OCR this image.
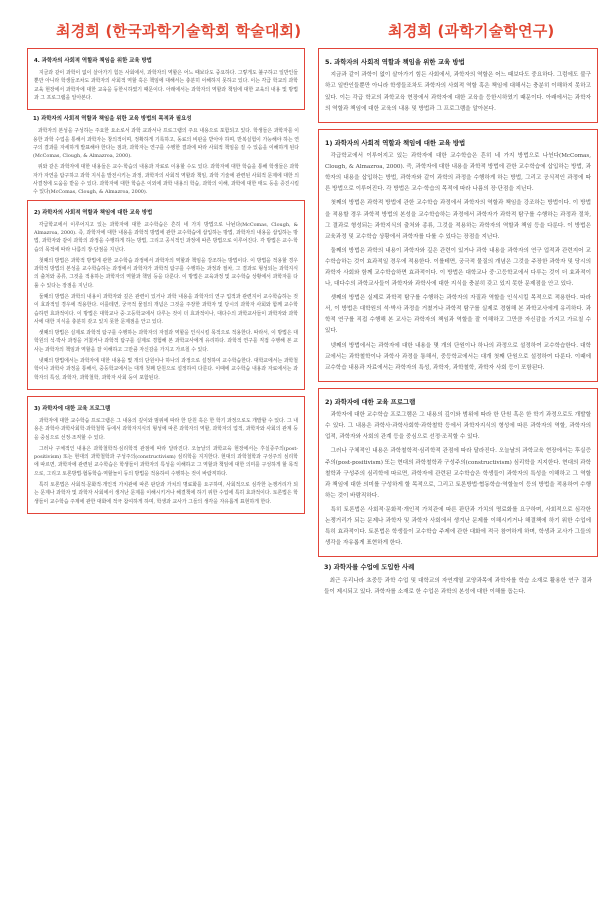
최경희 (한국과학기술학회 학술대회)	최경희 (과학기술학연구)
4. 과학자의 사회적 역할과 책임을 위한 교육 방법

지금과 같이 과학이 없이 살아가기 힘든 사회에서, 과학자의 역할은 어느 때보다도 중요하다. 그렇게도 불구하고 일반인들뿐만 아니라 학생들조차도 과학자의 사회적 역할 혹은 책임에 대해서는 충분히 이해하지 못하고 있다. 이는 각급 학교의 과학교육 현장에서 과학자에 대한 교육을 등한시하였기 때문이다. 아래에서는 과학자의 역할과 책임에 대한 교육의 내용 및 방법과 그 프로그램을 알아본다.

1) 과학자의 사회적 역할과 책임을 위한 교육 방법의 목적과 필요성

과학자의 본성을 구성하는 주요한 요소로서 과학 교과서나 프로그램의 주요 내용으로 포함되고 있다. 학생들은 과학자를 이용한 과학 수업을 통해서 과학자는 창의적이며, 정확하게 기록하고, 동료의 비판을 받아야 하며, 반복실험이 가능해야 하는 연구의 결과를 자세하게 발표해야 한다는 점과, 과학자는 연구를 수행한 결과에 따라 사회적 책임을 질 수 있음을 이해하게 된다(McComas, Clough, & Almazroa, 2000).

위와 같은 과학자에 대한 내용들은 교수·학습의 내용과 자료로 이용할 수도 있다. 과학자에 대한 학습을 통해 학생들은 과학자가 자연을 탐구하고 과학 지식을 발전시키는 과정, 과학자의 사회적 역할과 책임, 과학 기술에 관련된 사회적 문제에 대한 의사결정에 도움을 받을 수 있다. 과학자에 대한 학습은 이외에 과학 내용의 학습, 과학의 이해, 과학에 대한 태도 등을 증진시킬 수 있다(McComas, Clough, & Almazroa, 2000).

2) 과학자의 사회적 역할과 책임에 대한 교육 방법

각급학교에서 이루어지고 있는 과학자에 대한 교수학습은 흔히 네 가지 방법으로 나뉜다(McComas, Clough, & Almazroa, 2000). 즉, 과학자에 대한 내용을 과학적 방법에 관한 교수학습에 삽입하는 방법, 과학자의 내용을 삽입하는 방법, 과학자와 같이 과학의 과정을 수행하게 하는 방법, 그리고 공식적인 과정에 따른 방법으로 이루어진다. 각 방법은 교수·학습의 목적에 따라 나름의 장·단점을 지닌다.

첫째의 방법은 과학적 방법에 관한 교수학습 과정에서 과학자의 역할과 책임을 강조하는 방법이다. 이 방법을 적용할 경우 과학적 방법의 본성을 교수학습하는 과정에서 과학자가 과학적 탐구를 수행하는 과정과 절차, 그 결과로 형성되는 과학지식의 출처와 종류, 그것을 적용하는 과학자의 역할과 책임 등을 다룬다. 이 방법은 교육과정 및 교수학습 상황에서 과학자를 다룰 수 있다는 장점을 지닌다.

둘째의 방법은 과학의 내용이 과학자와 깊은 관련이 있거나 과학 내용을 과학자의 연구 업적과 관련지어 교수학습하는 것이 효과적일 경우에 적용한다. 이를테면, 궁극적 물질의 개념은 그것을 주장한 과학자 및 당시의 과학자 사회와 함께 교수학습하면 효과적이다. 이 방법은 대학교나 중·고등학교에서 다루는 것이 더 효과적이나, 대다수의 과학교사들이 과학자와 과학사에 대한 지식을 충분히 갖고 있지 못한 문제점을 안고 있다.

셋째의 방법은 실제로 과학적 탐구를 수행하는 과학자의 자질과 역할을 인식시킬 목적으로 적용한다. 따라서, 이 방법은 대학원의 석·박사 과정을 거쳤거나 과학적 탐구를 실제로 경험해 본 과학교사에게 유리하다. 과학적 연구를 직접 수행해 본 교사는 과학자의 책임과 역할을 잘 이해하고 그만큼 자신감을 가지고 가르칠 수 있다.

넷째의 방법에서는 과학자에 대한 내용을 몇 개의 단원이나 하나의 과정으로 설정하여 교수학습한다. 대학교에서는 과학철학이나 과학사 과정을 통해서, 중등학교에서는 대개 첫째 단원으로 설정하여 다룬다. 이때에 교수학습 내용과 자료에서는 과학자의 특성, 과학자, 과학철학, 과학자 사회 등이 포함된다.

3) 과학자에 대한 교육 프로그램

과학자에 대한 교수학습 프로그램은 그 내용의 깊이와 범위에 따라 한 단원 혹은 한 학기 과정으로도 개발할 수 있다. 그 내용은 과학사·과학사회학·과학철학 등에서 과학자지식의 형성에 따른 과학자의 역할, 과학자의 업적, 과학자와 사회의 관계 등을 중심으로 선정·조직할 수 있다.

그러나 구체적인 내용은 과학철학적·심리학적 관점에 따라 달라진다. 오늘날의 과학교육 현장에서는 후실증주의(post-positivism) 또는 현대의 과학철학과 구성주의(constructivism) 심리학을 지지한다. 현대의 과학철학과 구성주의 심리학에 따르면, 과학자에 관련된 교수학습은 학생들이 과학자의 특성을 이해하고 그 역할과 책임에 대한 의미를 구성하게 할 목적으로, 그리고 토론방법·협동학습·역할놀이 등의 방법을 적용하여 수행하는 것이 바람직하다.

특히 토론법은 사회적·문화적·개인적 가치관에 따른 판단과 가치의 명료화를 요구하며, 사회적으로 심각한 논쟁거리가 되는 문제나 과학자 및 과학자 사회에서 생겨난 문제를 이해시키거나 해결책에 하기 위한 수업에 특히 효과적이다. 토론법은 학생들이 교수학습 주제에 관한 대화에 적극 참여하게 하며, 학생과 교사가 그들의 생각을 자유롭게 표현하게 한다.

5. 과학자의 사회적 역할과 책임을 위한 교육 방법

지금과 같이 과학이 없이 살아가기 힘든 사회에서, 과학자의 역할은 어느 때보다도 중요하다. 그럼에도 불구하고 일반인들뿐만 아니라 학생들조차도 과학자의 사회적 역할 혹은 책임에 대해서는 충분히 이해하지 못하고 있다. 이는 각급 학교의 과학교육 현장에서 과학자에 대한 교육을 등한시하였기 때문이다. 아래에서는 과학자의 역할과 책임에 대한 교육의 내용 및 방법과 그 프로그램을 알아본다.

1) 과학자의 사회적 역할과 책임에 대한 교육 방법

각급학교에서 이루어지고 있는 과학자에 대한 교수학습은 흔히 네 가지 방법으로 나뉜다(McComas, Clough, & Almazroa, 2000). 즉, 과학자에 대한 내용을 과학적 방법에 관한 교수학습에 삽입하는 방법, 과학자의 내용을 삽입하는 방법, 과학자와 같이 과학의 과정을 수행하게 하는 방법, 그리고 공식적인 과정에 따른 방법으로 이루어진다. 각 방법은 교수·학습의 목적에 따라 나름의 장·단점을 지닌다.

첫째의 방법은 과학적 방법에 관한 교수학습 과정에서 과학자의 역할과 책임을 강조하는 방법이다. 이 방법을 적용할 경우 과학적 방법의 본성을 교수학습하는 과정에서 과학자가 과학적 탐구를 수행하는 과정과 절차, 그 결과로 형성되는 과학지식의 출처와 종류, 그것을 적용하는 과학자의 역할과 책임 등을 다룬다. 이 방법은 교육과정 및 교수학습 상황에서 과학자를 다룰 수 있다는 장점을 지닌다.

둘째의 방법은 과학의 내용이 과학자와 깊은 관련이 있거나 과학 내용을 과학자의 연구 업적과 관련지어 교수학습하는 것이 효과적일 경우에 적용한다. 이를테면, 궁극적 물질의 개념은 그것을 주장한 과학자 및 당시의 과학자 사회와 함께 교수학습하면 효과적이다. 이 방법은 대학교나 중·고등학교에서 다루는 것이 더 효과적이나, 대다수의 과학교사들이 과학자와 과학사에 대한 지식을 충분히 갖고 있지 못한 문제점을 안고 있다.

셋째의 방법은 실제로 과학적 탐구를 수행하는 과학자의 자질과 역할을 인식시킬 목적으로 적용한다. 따라서, 이 방법은 대학원의 석·박사 과정을 거쳤거나 과학적 탐구를 실제로 경험해 본 과학교사에게 유리하다. 과학적 연구를 직접 수행해 본 교사는 과학자의 책임과 역할을 잘 이해하고 그만큼 자신감을 가지고 가르칠 수 있다.

넷째의 방법에서는 과학자에 대한 내용을 몇 개의 단원이나 하나의 과정으로 설정하여 교수학습한다. 대학교에서는 과학철학이나 과학사 과정을 통해서, 중등학교에서는 대개 첫째 단원으로 설정하여 다룬다. 이때에 교수학습 내용과 자료에서는 과학자의 특성, 과학자, 과학철학, 과학자 사회 등이 포함된다.

2) 과학자에 대한 교육 프로그램

과학자에 대한 교수학습 프로그램은 그 내용의 깊이와 범위에 따라 한 단원 혹은 한 학기 과정으로도 개발할 수 있다. 그 내용은 과학사·과학사회학·과학철학 등에서 과학자지식의 형성에 따른 과학자의 역할, 과학자의 업적, 과학자와 사회의 관계 등을 중심으로 선정·조직할 수 있다.

그러나 구체적인 내용은 과학철학적·심리학적 관점에 따라 달라진다. 오늘날의 과학교육 현장에서는 후실증주의(post-positivism) 또는 현대의 과학철학과 구성주의(constructivism) 심리학을 지지한다. 현대의 과학철학과 구성주의 심리학에 따르면, 과학자에 관련된 교수학습은 학생들이 과학자의 특성을 이해하고 그 역할과 책임에 대한 의미를 구성하게 할 목적으로, 그리고 토론방법·협동학습·역할놀이 등의 방법을 적용하여 수행하는 것이 바람직하다.

특히 토론법은 사회적·문화적·개인적 가치관에 따른 판단과 가치의 명료화를 요구하며, 사회적으로 심각한 논쟁거리가 되는 문제나 과학자 및 과학자 사회에서 생겨난 문제를 이해시키거나 해결책에 하기 위한 수업에 특히 효과적이다. 토론법은 학생들이 교수학습 주제에 관한 대화에 적극 참여하게 하며, 학생과 교사가 그들의 생각을 자유롭게 표현하게 한다.

3) 과학자를 수업에 도입한 사례

최근 우리나라 초중등 과학 수업 및 대학교의 자연계열 교양과목에 과학자를 학습 소재로 활용한 연구 결과들이 제시되고 있다. 과학자를 소재로 한 수업은 과학의 본성에 대한 이해를 돕는다.
